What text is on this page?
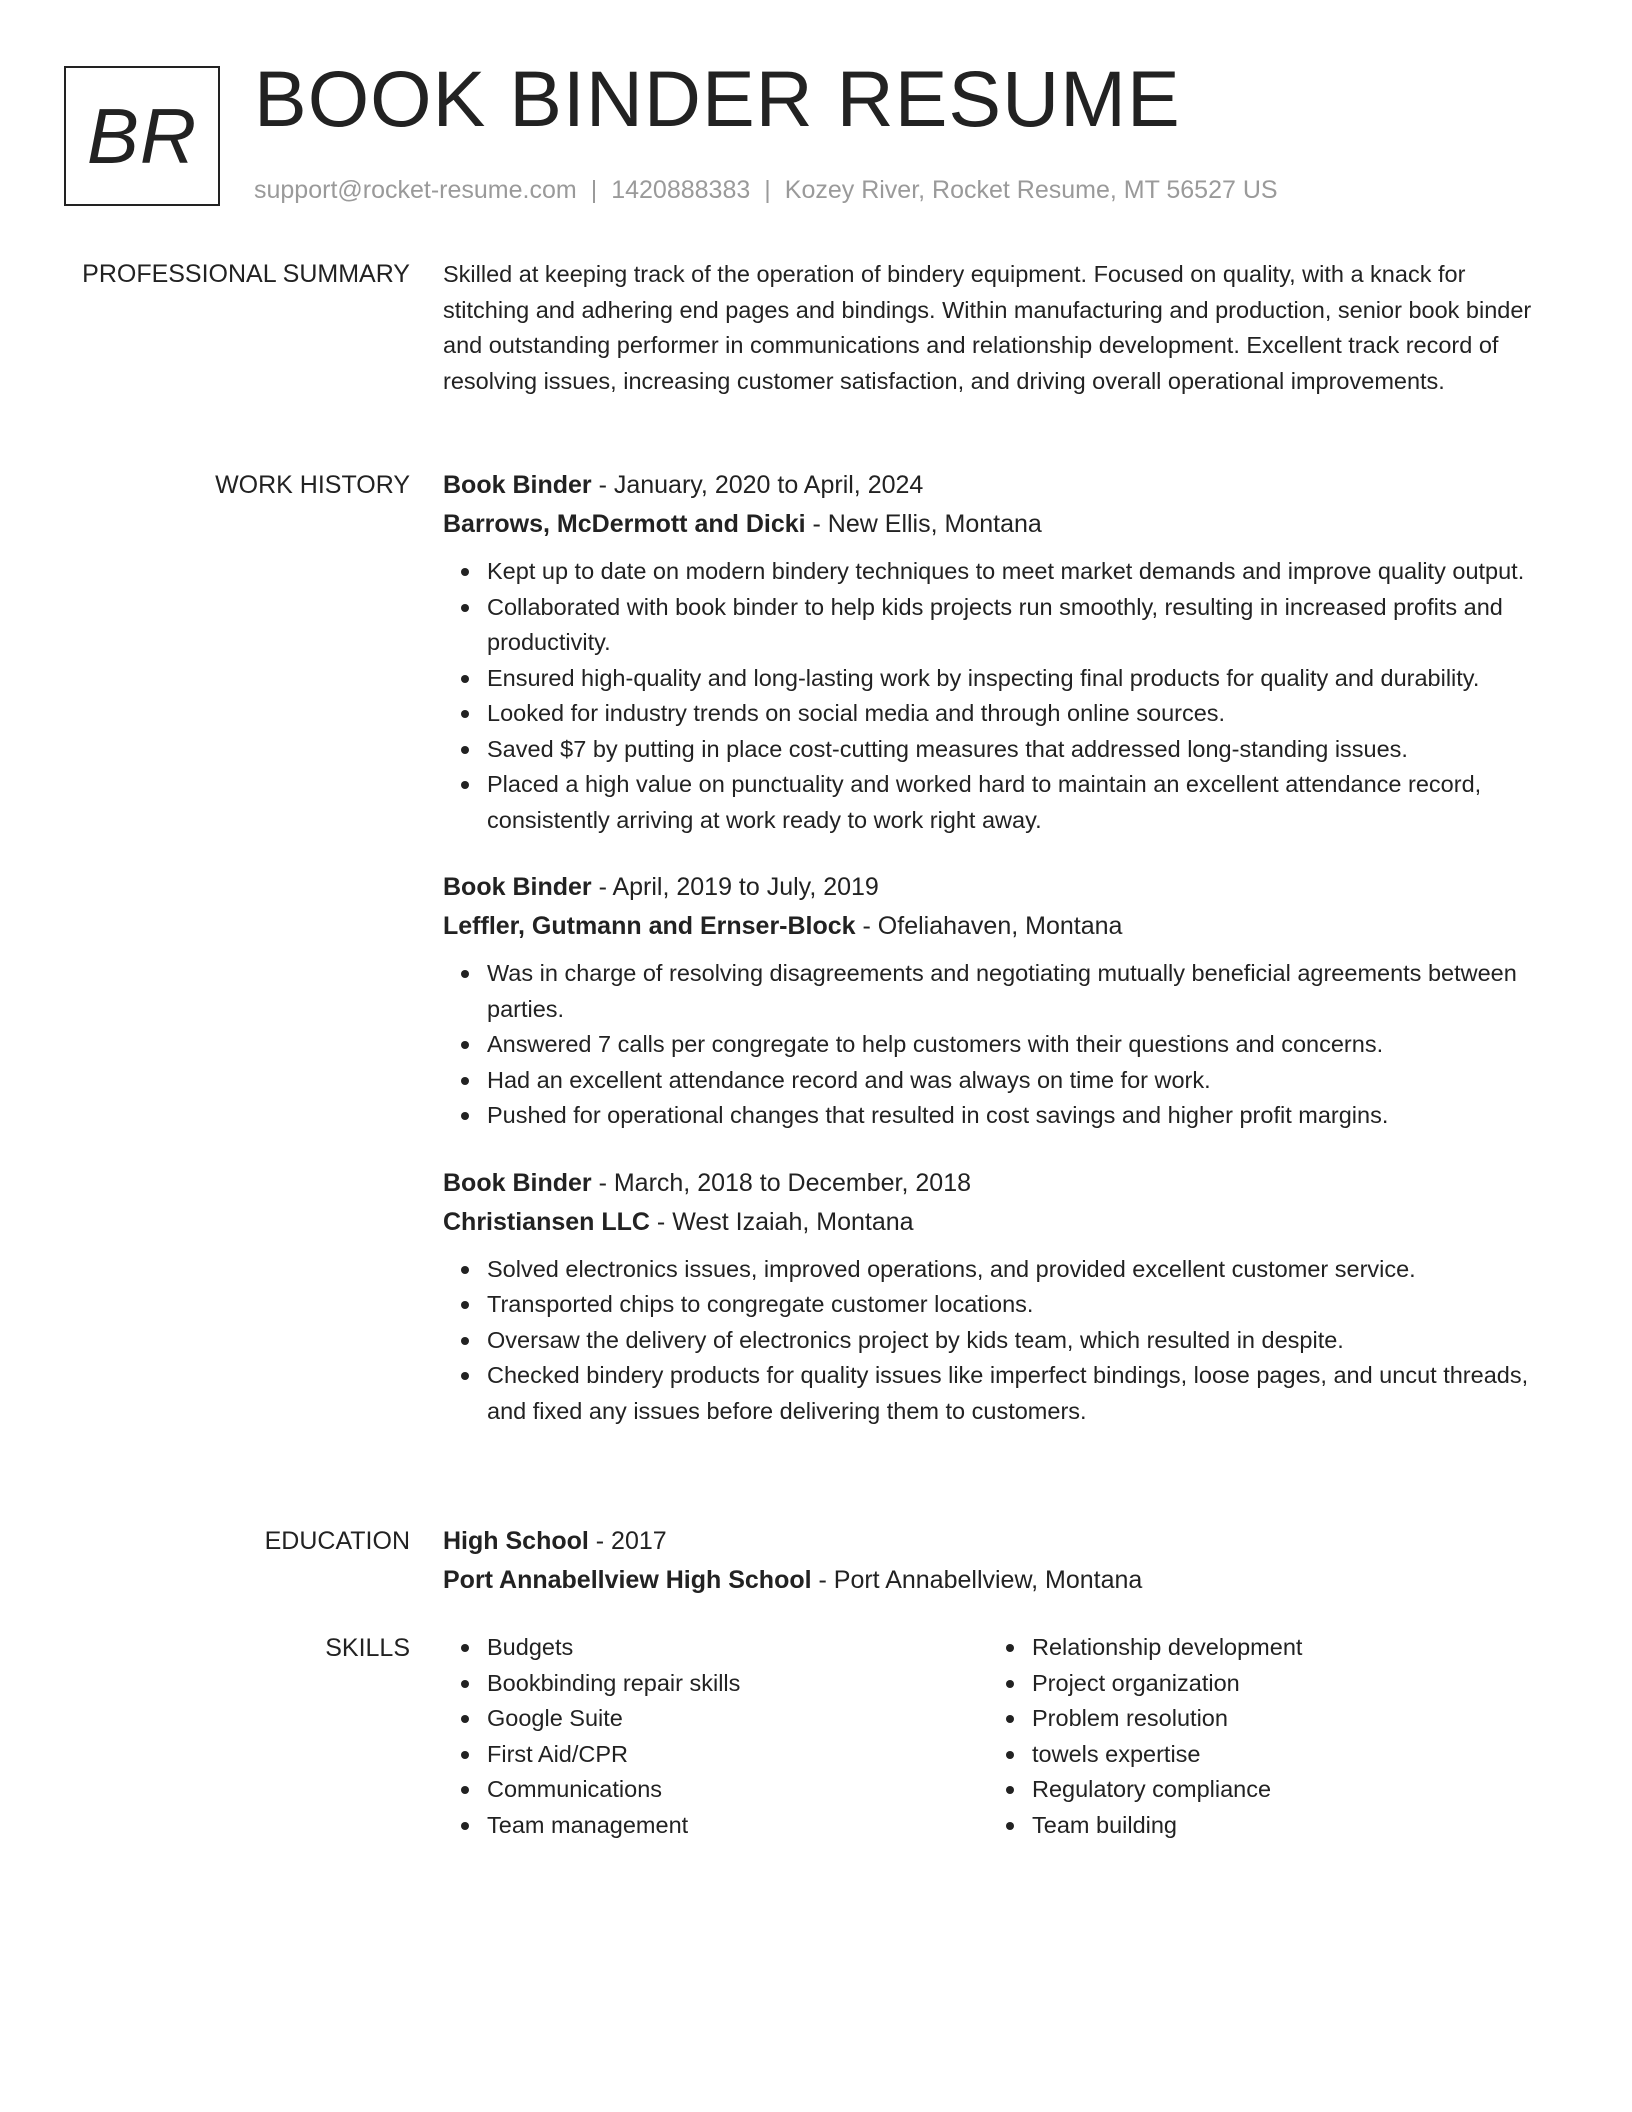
BR BOOK BINDER RESUME
support@rocket-resume.com | 1420888383 | Kozey River, Rocket Resume, MT 56527 US
PROFESSIONAL SUMMARY Skilled at keeping track of the operation of bindery equipment. Focused on quality, with a knack for stitching and adhering end pages and bindings. Within manufacturing and production, senior book binder and outstanding performer in communications and relationship development. Excellent track record of resolving issues, increasing customer satisfaction, and driving overall operational improvements.

WORK HISTORY Book Binder - January, 2020 to April, 2024
Barrows, McDermott and Dicki - New Ellis, Montana
Kept up to date on modern bindery techniques to meet market demands and improve quality output.
Collaborated with book binder to help kids projects run smoothly, resulting in increased profits and productivity.
Ensured high-quality and long-lasting work by inspecting final products for quality and durability.
Looked for industry trends on social media and through online sources.
Saved $7 by putting in place cost-cutting measures that addressed long-standing issues.
Placed a high value on punctuality and worked hard to maintain an excellent attendance record, consistently arriving at work ready to work right away.
Book Binder - April, 2019 to July, 2019
Leffler, Gutmann and Ernser-Block - Ofeliahaven, Montana
Was in charge of resolving disagreements and negotiating mutually beneficial agreements between parties.
Answered 7 calls per congregate to help customers with their questions and concerns.
Had an excellent attendance record and was always on time for work.
Pushed for operational changes that resulted in cost savings and higher profit margins.
Book Binder - March, 2018 to December, 2018
Christiansen LLC - West Izaiah, Montana
Solved electronics issues, improved operations, and provided excellent customer service.
Transported chips to congregate customer locations.
Oversaw the delivery of electronics project by kids team, which resulted in despite.
Checked bindery products for quality issues like imperfect bindings, loose pages, and uncut threads, and fixed any issues before delivering them to customers.
EDUCATION High School - 2017
Port Annabellview High School - Port Annabellview, Montana
SKILLS	Budgets
Bookbinding repair skills
Google Suite
First Aid/CPR
Communications
Team management
Relationship development
Project organization
Problem resolution
towels expertise
Regulatory compliance
Team building
